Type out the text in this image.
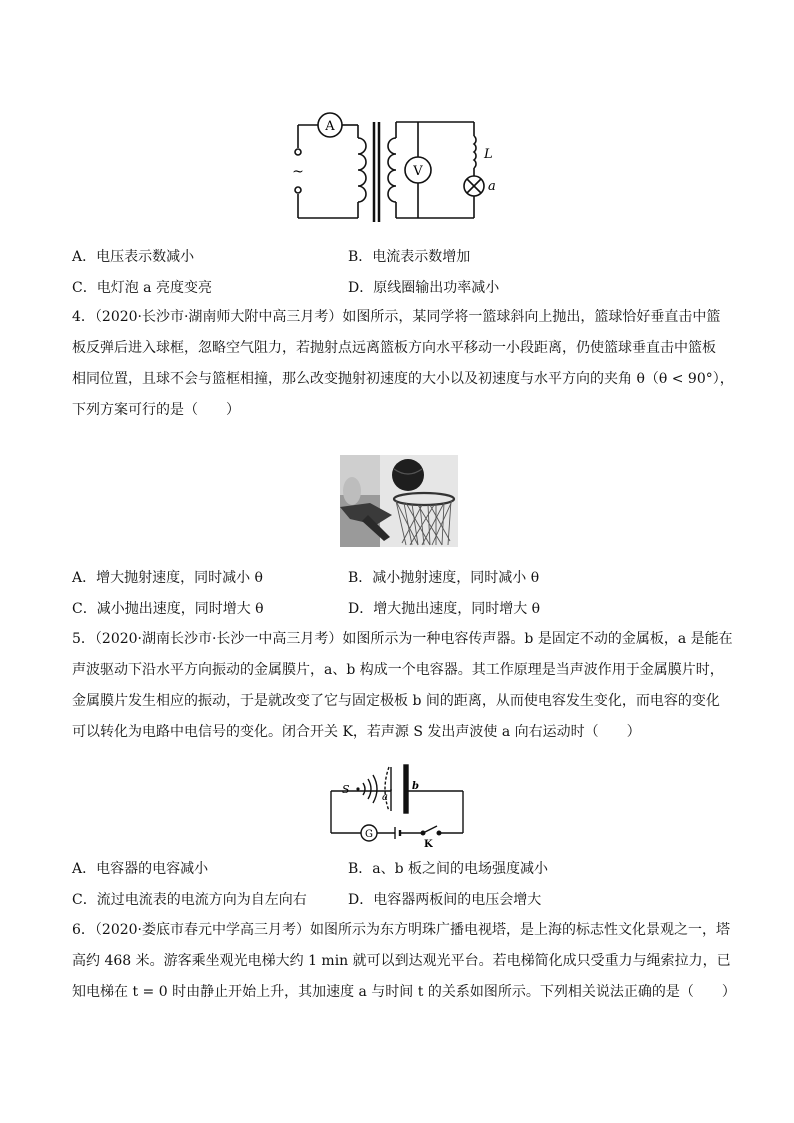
A
~	V
L
a
A．电压表示数减小	B．电流表示数增加
C．电灯泡 a 亮度变亮	D．原线圈输出功率减小
4．（2020·长沙市·湖南师大附中高三月考）如图所示，某同学将一篮球斜向上抛出，篮球恰好垂直击中篮
板反弹后进入球框，忽略空气阻力，若抛射点远离篮板方向水平移动一小段距离，仍使篮球垂直击中篮板
相同位置，且球不会与篮框相撞，那么改变抛射初速度的大小以及初速度与水平方向的夹角 θ（θ < 90°），
下列方案可行的是（　　）
A．增大抛射速度，同时减小 θ	B．减小抛射速度，同时减小 θ
C．减小抛出速度，同时增大 θ	D．增大抛出速度，同时增大 θ
5．（2020·湖南长沙市·长沙一中高三月考）如图所示为一种电容传声器。b 是固定不动的金属板，a 是能在
声波驱动下沿水平方向振动的金属膜片，a、b 构成一个电容器。其工作原理是当声波作用于金属膜片时，
金属膜片发生相应的振动，于是就改变了它与固定极板 b 间的距离，从而使电容发生变化，而电容的变化
可以转化为电路中电信号的变化。闭合开关 K，若声源 S 发出声波使 a 向右运动时（　　）
S
a
b
G
K
A．电容器的电容减小	B．a、b 板之间的电场强度减小
C．流过电流表的电流方向为自左向右	D．电容器两板间的电压会增大
6．（2020·娄底市春元中学高三月考）如图所示为东方明珠广播电视塔，是上海的标志性文化景观之一，塔
高约 468 米。游客乘坐观光电梯大约 1 min 就可以到达观光平台。若电梯简化成只受重力与绳索拉力，已
知电梯在 t = 0 时由静止开始上升，其加速度 a 与时间 t 的关系如图所示。下列相关说法正确的是（　　）
